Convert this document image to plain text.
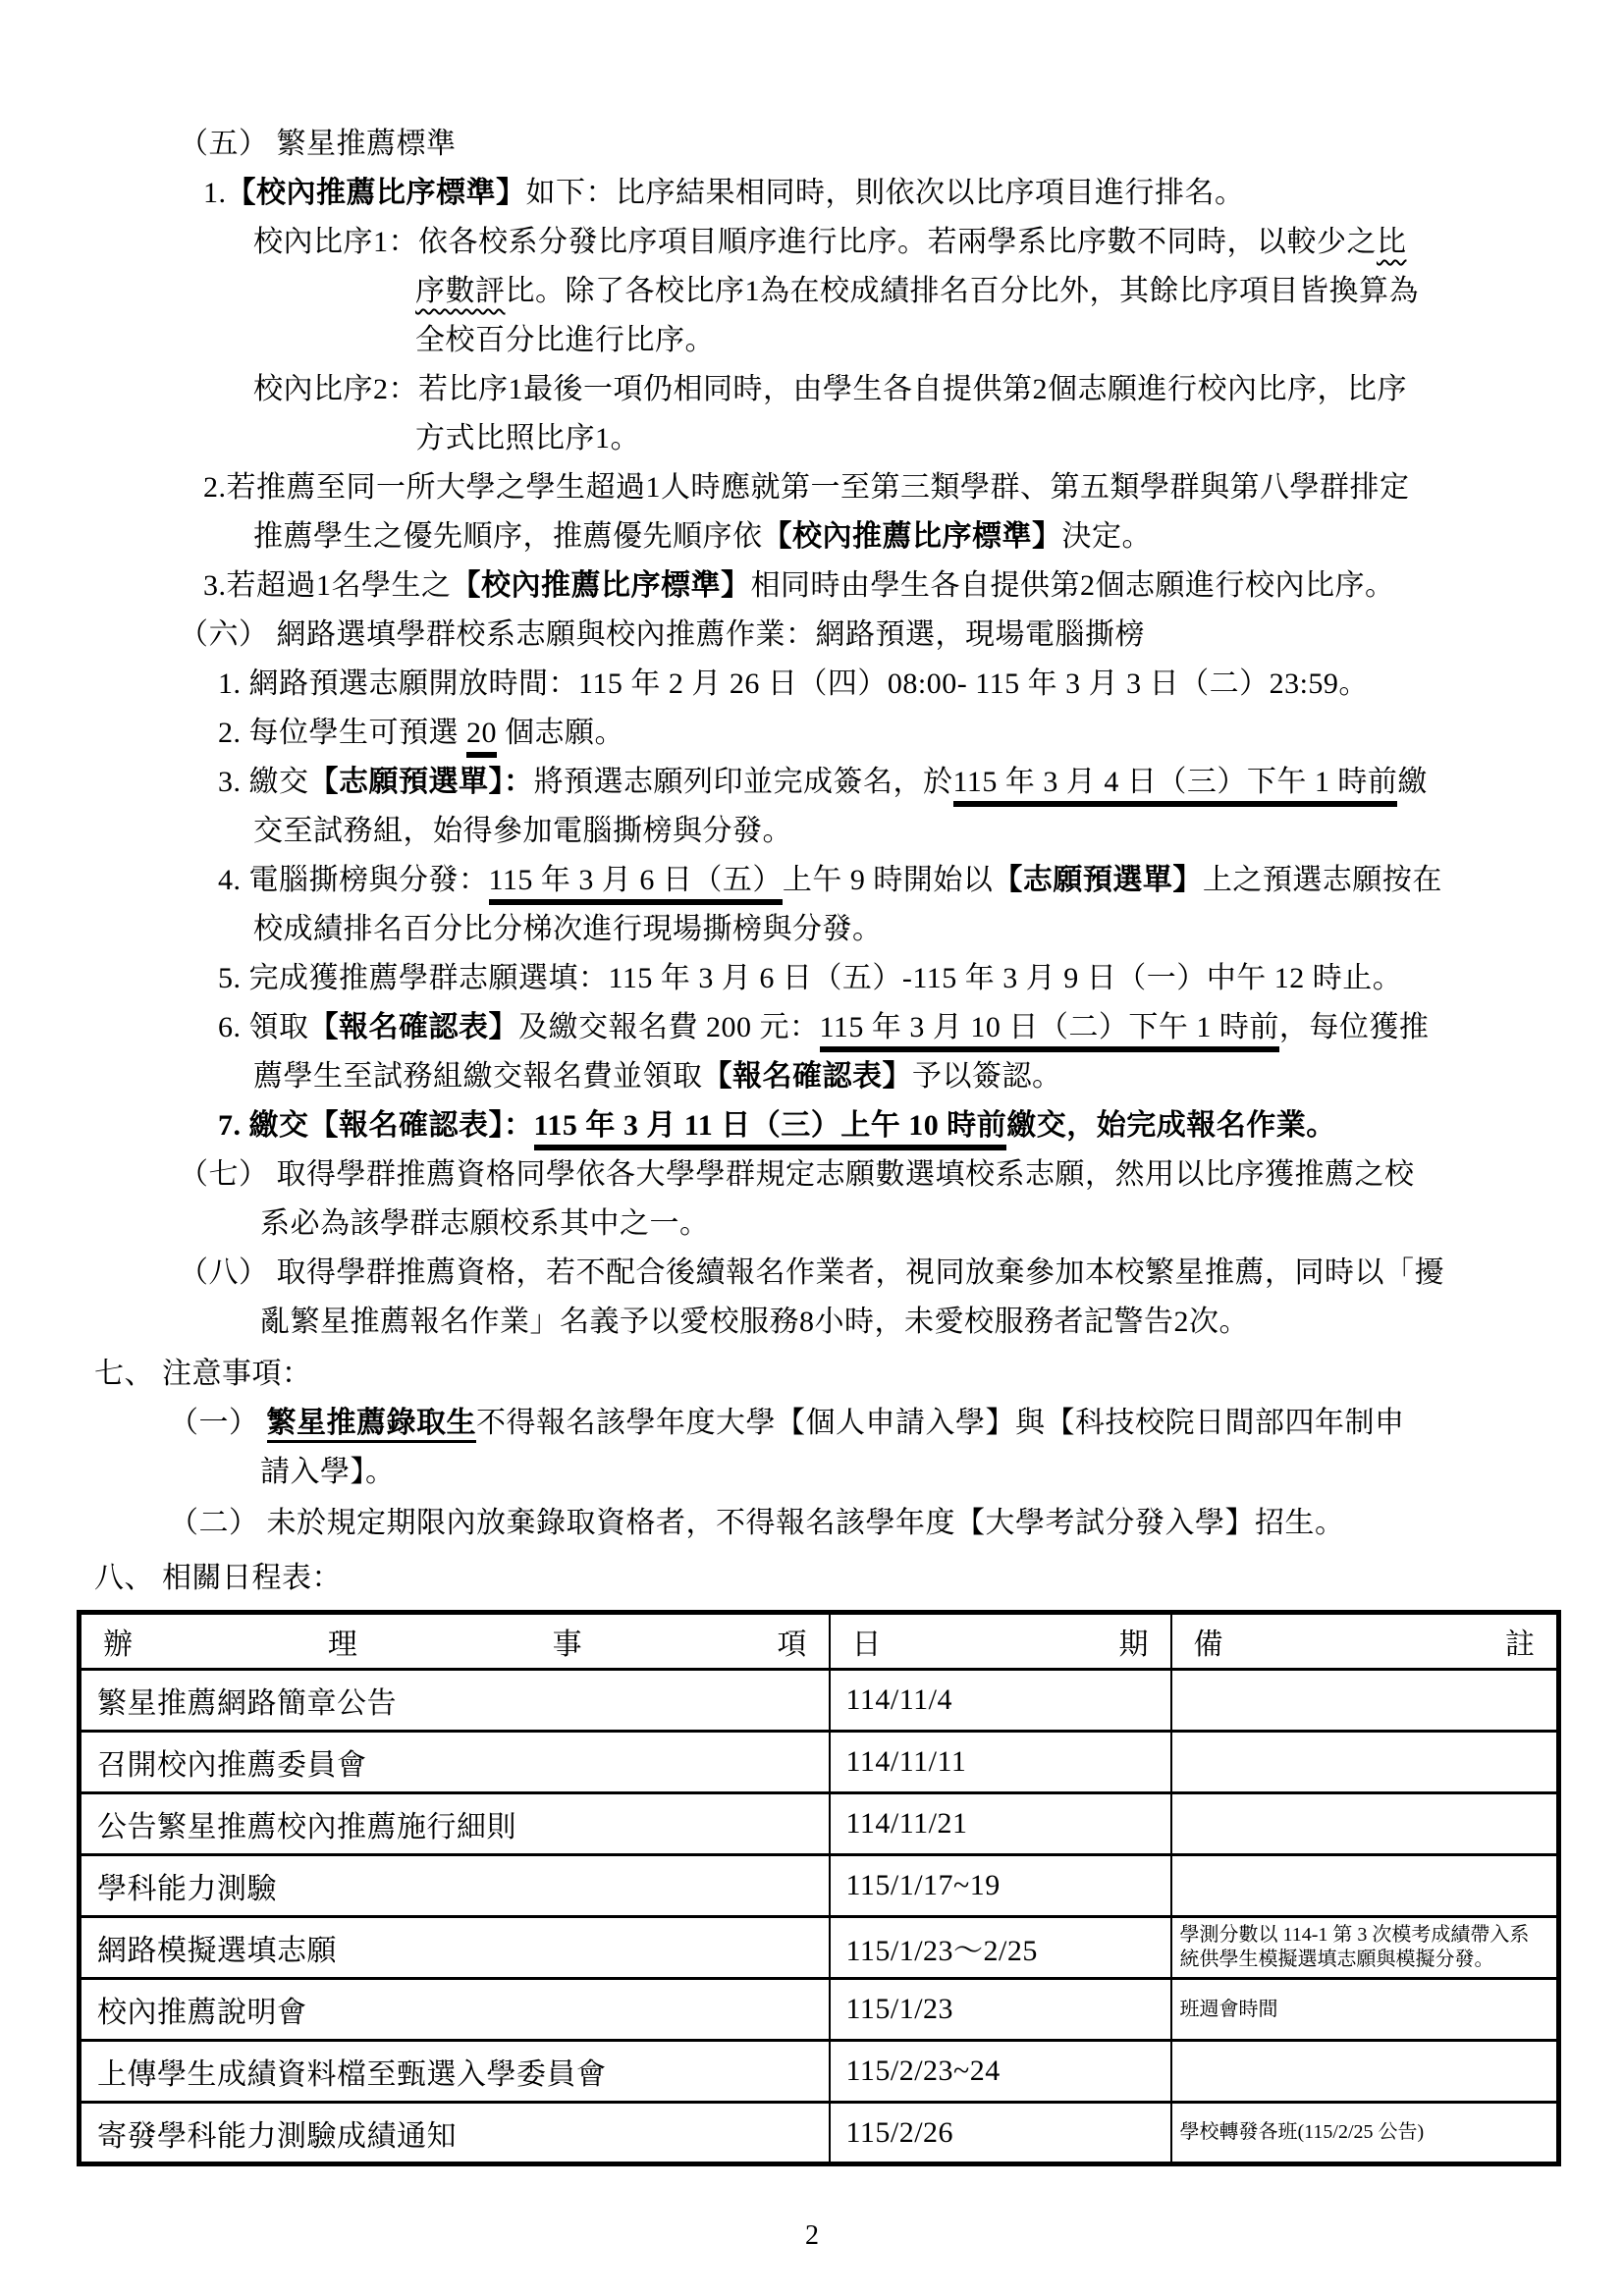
（五） 繁星推薦標準
1.【校內推薦比序標準】如下：比序結果相同時，則依次以比序項目進行排名。
校內比序1：依各校系分發比序項目順序進行比序。若兩學系比序數不同時，以較少之比
序數評比。除了各校比序1為在校成績排名百分比外，其餘比序項目皆換算為
全校百分比進行比序。
校內比序2：若比序1最後一項仍相同時，由學生各自提供第2個志願進行校內比序，比序
方式比照比序1。
2.若推薦至同一所大學之學生超過1人時應就第一至第三類學群、第五類學群與第八學群排定
推薦學生之優先順序，推薦優先順序依【校內推薦比序標準】決定。
3.若超過1名學生之【校內推薦比序標準】相同時由學生各自提供第2個志願進行校內比序。
（六） 網路選填學群校系志願與校內推薦作業：網路預選，現場電腦撕榜
1. 網路預選志願開放時間：115 年 2 月 26 日（四）08:00- 115 年 3 月 3 日（二）23:59。
2. 每位學生可預選 20 個志願。
3. 繳交【志願預選單】：將預選志願列印並完成簽名，於115 年 3 月 4 日（三）下午 1 時前繳
交至試務組，始得參加電腦撕榜與分發。
4. 電腦撕榜與分發：115 年 3 月 6 日（五）上午 9 時開始以【志願預選單】上之預選志願按在
校成績排名百分比分梯次進行現場撕榜與分發。
5. 完成獲推薦學群志願選填：115 年 3 月 6 日（五）-115 年 3 月 9 日（一）中午 12 時止。
6. 領取【報名確認表】及繳交報名費 200 元：115 年 3 月 10 日（二）下午 1 時前，每位獲推
薦學生至試務組繳交報名費並領取【報名確認表】予以簽認。
7. 繳交【報名確認表】：115 年 3 月 11 日（三）上午 10 時前繳交，始完成報名作業。
（七） 取得學群推薦資格同學依各大學學群規定志願數選填校系志願，然用以比序獲推薦之校
系必為該學群志願校系其中之一。
（八） 取得學群推薦資格，若不配合後續報名作業者，視同放棄參加本校繁星推薦，同時以「擾
亂繁星推薦報名作業」名義予以愛校服務8小時，未愛校服務者記警告2次。
七、 注意事項：
（一） 繁星推薦錄取生不得報名該學年度大學【個人申請入學】與【科技校院日間部四年制申
請入學】。
（二） 未於規定期限內放棄錄取資格者，不得報名該學年度【大學考試分發入學】招生。
八、 相關日程表：
辦 理 事 項	日 期	備 註

繁星推薦網路簡章公告	114/11/4	

召開校內推薦委員會	114/11/11	

公告繁星推薦校內推薦施行細則	114/11/21	

學科能力測驗	115/1/17~19	

網路模擬選填志願	115/1/23～2/25	學測分數以 114-1 第 3 次模考成績帶入系統供學生模擬選填志願與模擬分發。

校內推薦說明會	115/1/23	班週會時間

上傳學生成績資料檔至甄選入學委員會	115/2/23~24	

寄發學科能力測驗成績通知	115/2/26	學校轉發各班(115/2/25 公告)
2
